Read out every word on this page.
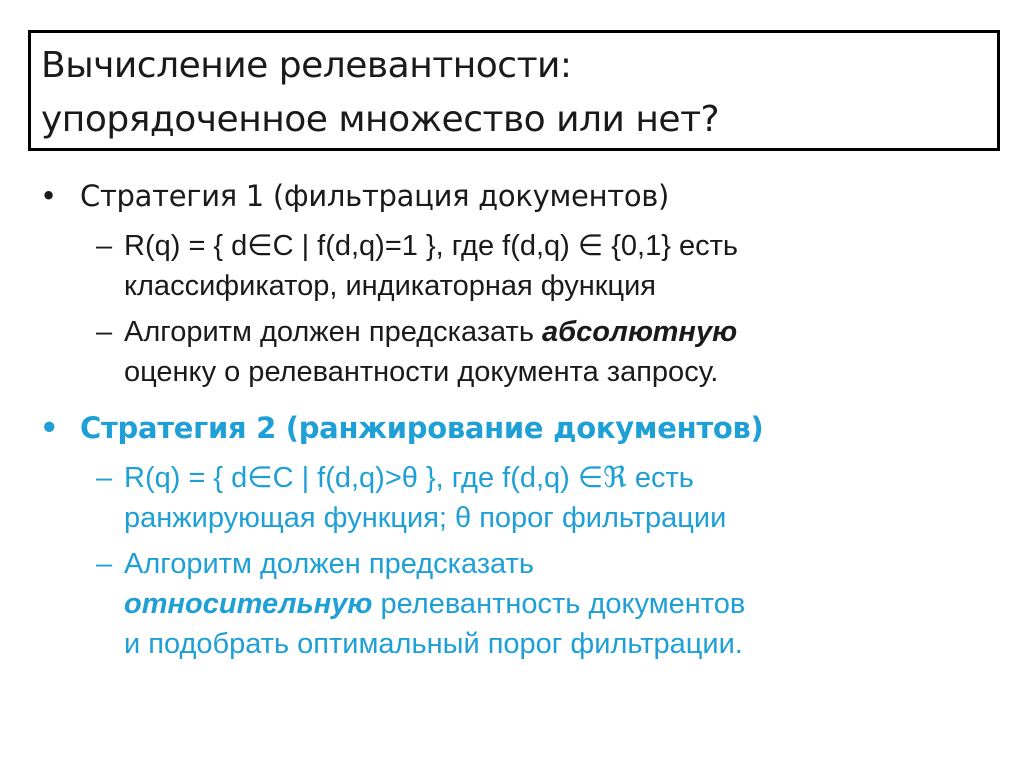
Вычисление релевантности:
упорядоченное множество или нет?
• Стратегия 1 (фильтрация документов)
– R(q) = { d∈C | f(d,q)=1 }, где f(d,q) ∈ {0,1} есть
классификатор, индикаторная функция
– Алгоритм должен предсказать абсолютную
оценку о релевантности документа запросу.
• Стратегия 2 (ранжирование документов)
– R(q) = { d∈C | f(d,q)>θ }, где f(d,q) ∈ℜ есть
ранжирующая функция; θ порог фильтрации
– Алгоритм должен предсказать
относительную релевантность документов
и подобрать оптимальный порог фильтрации.
